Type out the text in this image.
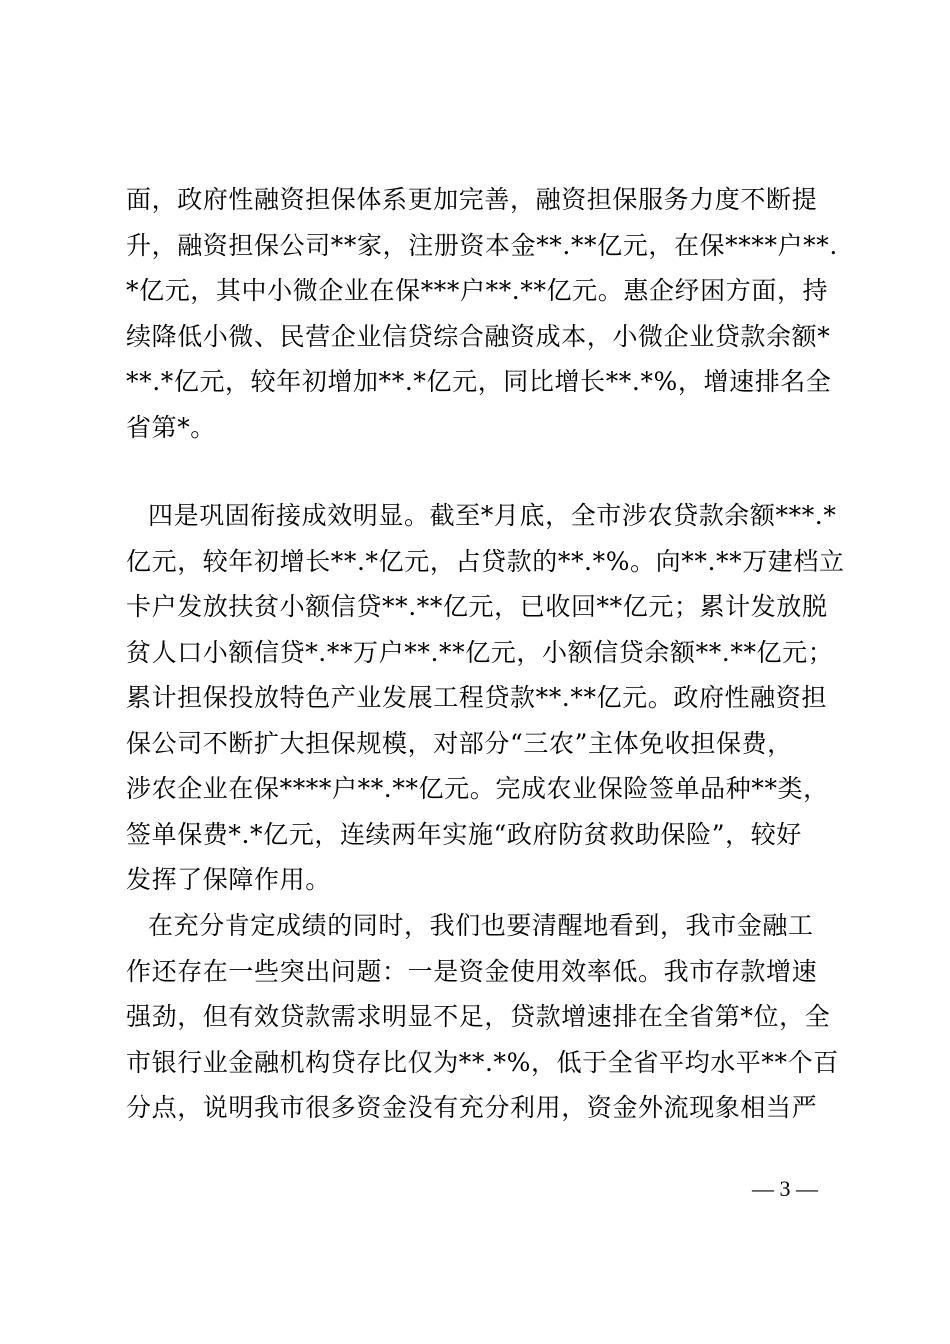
面，政府性融资担保体系更加完善，融资担保服务力度不断提
升，融资担保公司**家，注册资本金**.**亿元，在保****户**.
*亿元，其中小微企业在保***户**.**亿元。惠企纾困方面，持
续降低小微、民营企业信贷综合融资成本，小微企业贷款余额*
**.*亿元，较年初增加**.*亿元，同比增长**.*%，增速排名全
省第*。
四是巩固衔接成效明显。截至*月底，全市涉农贷款余额***.*
亿元，较年初增长**.*亿元，占贷款的**.*%。向**.**万建档立
卡户发放扶贫小额信贷**.**亿元，已收回**亿元；累计发放脱
贫人口小额信贷*.**万户**.**亿元，小额信贷余额**.**亿元；
累计担保投放特色产业发展工程贷款**.**亿元。政府性融资担
保公司不断扩大担保规模，对部分“三农”主体免收担保费，
涉农企业在保****户**.**亿元。完成农业保险签单品种**类，
签单保费*.*亿元，连续两年实施“政府防贫救助保险”，较好
发挥了保障作用。
在充分肯定成绩的同时，我们也要清醒地看到，我市金融工
作还存在一些突出问题：一是资金使用效率低。我市存款增速
强劲，但有效贷款需求明显不足，贷款增速排在全省第*位，全
市银行业金融机构贷存比仅为**.*%，低于全省平均水平**个百
分点，说明我市很多资金没有充分利用，资金外流现象相当严
— 3 —
